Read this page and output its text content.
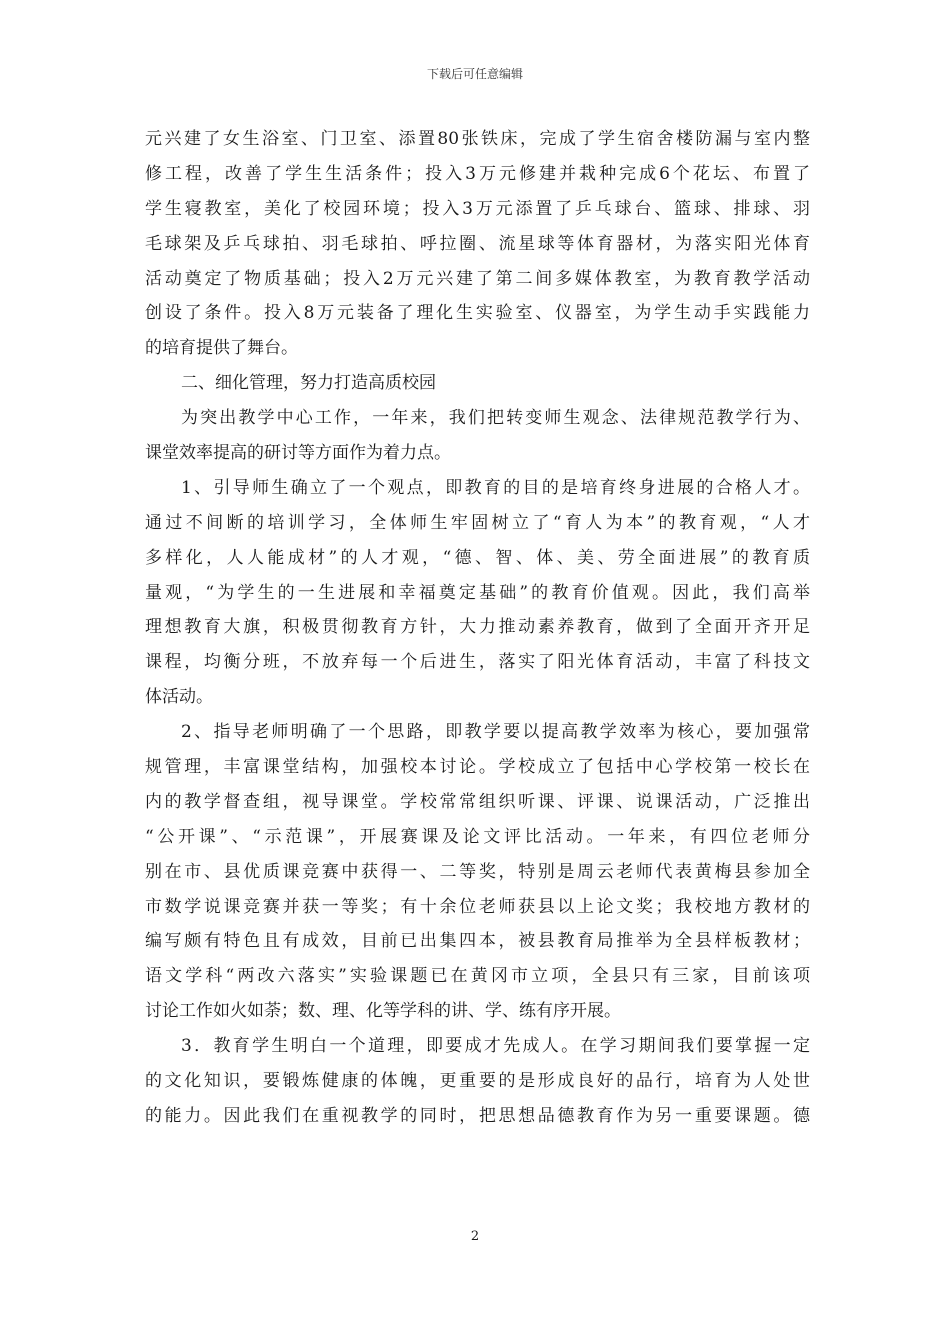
下载后可任意编辑
元兴建了女生浴室、门卫室、添置80张铁床，完成了学生宿舍楼防漏与室内整
修工程，改善了学生生活条件；投入3万元修建并栽种完成6个花坛、布置了
学生寝教室，美化了校园环境；投入3万元添置了乒乓球台、篮球、排球、羽
毛球架及乒乓球拍、羽毛球拍、呼拉圈、流星球等体育器材，为落实阳光体育
活动奠定了物质基础；投入2万元兴建了第二间多媒体教室，为教育教学活动
创设了条件。投入8万元装备了理化生实验室、仪器室，为学生动手实践能力
的培育提供了舞台。
二、细化管理，努力打造高质校园
为突出教学中心工作，一年来，我们把转变师生观念、法律规范教学行为、
课堂效率提高的研讨等方面作为着力点。
1、引导师生确立了一个观点，即教育的目的是培育终身进展的合格人才。
通过不间断的培训学习，全体师生牢固树立了“育人为本”的教育观，“人才
多样化，人人能成材”的人才观，“德、智、体、美、劳全面进展”的教育质
量观，“为学生的一生进展和幸福奠定基础”的教育价值观。因此，我们高举
理想教育大旗，积极贯彻教育方针，大力推动素养教育，做到了全面开齐开足
课程，均衡分班，不放弃每一个后进生，落实了阳光体育活动，丰富了科技文
体活动。
2、指导老师明确了一个思路，即教学要以提高教学效率为核心，要加强常
规管理，丰富课堂结构，加强校本讨论。学校成立了包括中心学校第一校长在
内的教学督查组，视导课堂。学校常常组织听课、评课、说课活动，广泛推出
“公开课”、“示范课”，开展赛课及论文评比活动。一年来，有四位老师分
别在市、县优质课竞赛中获得一、二等奖，特别是周云老师代表黄梅县参加全
市数学说课竞赛并获一等奖；有十余位老师获县以上论文奖；我校地方教材的
编写颇有特色且有成效，目前已出集四本，被县教育局推举为全县样板教材；
语文学科“两改六落实”实验课题已在黄冈市立项，全县只有三家，目前该项
讨论工作如火如荼；数、理、化等学科的讲、学、练有序开展。
3．教育学生明白一个道理，即要成才先成人。在学习期间我们要掌握一定
的文化知识，要锻炼健康的体魄，更重要的是形成良好的品行，培育为人处世
的能力。因此我们在重视教学的同时，把思想品德教育作为另一重要课题。德
2
